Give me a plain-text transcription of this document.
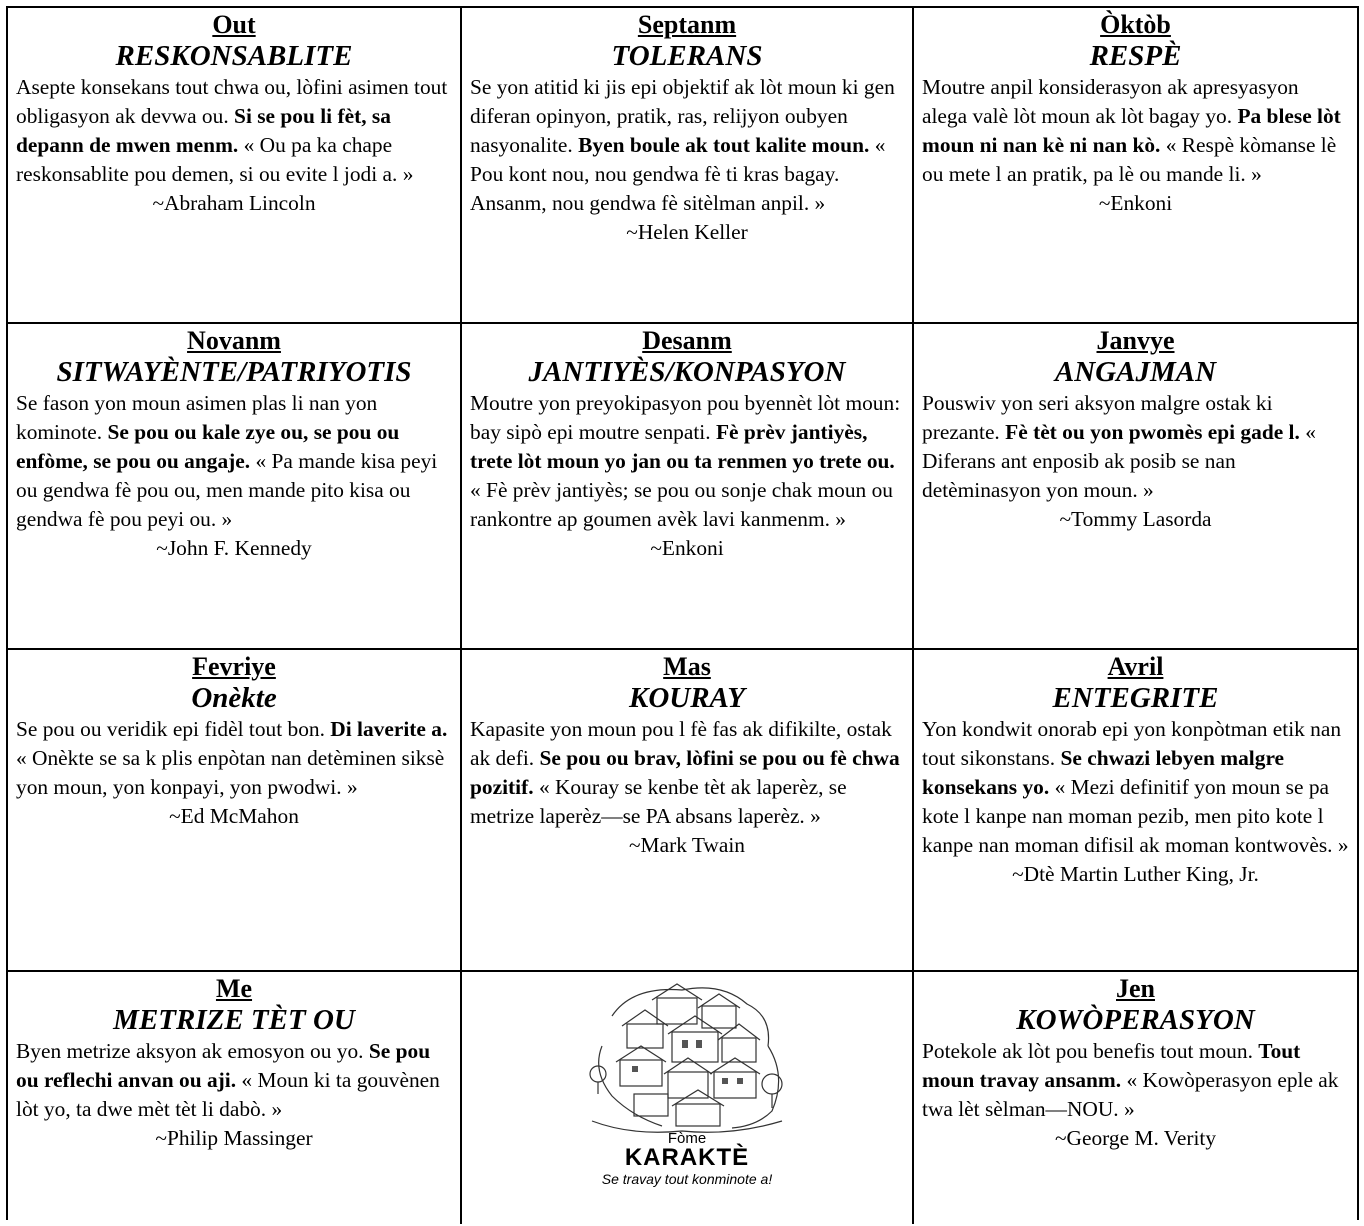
Out
RESKONSABLITE
Asepte konsekans tout chwa ou, lòfini asimen tout obligasyon ak devwa ou. Si se pou li fèt, sa depann de mwen menm. « Ou pa ka chape reskonsablite pou demen, si ou evite l jodi a. »
~Abraham Lincoln
Septanm
TOLERANS
Se yon atitid ki jis epi objektif ak lòt moun ki gen diferan opinyon, pratik, ras, relijyon oubyen nasyonalite. Byen boule ak tout kalite moun. « Pou kont nou, nou gendwa fè ti kras bagay. Ansanm, nou gendwa fè sitèlman anpil. »
~Helen Keller
Òktòb
RESPÈ
Moutre anpil konsiderasyon ak apresyasyon alega valè lòt moun ak lòt bagay yo. Pa blese lòt moun ni nan kè ni nan kò. « Respè kòmanse lè ou mete l an pratik, pa lè ou mande li. »
~Enkoni
Novanm
SITWAYÈNTE/PATRIYOTIS
Se fason yon moun asimen plas li nan yon kominote. Se pou ou kale zye ou, se pou ou enfòme, se pou ou angaje. « Pa mande kisa peyi ou gendwa fè pou ou, men mande pito kisa ou gendwa fè pou peyi ou. »
~John F. Kennedy
Desanm
JANTIYÈS/KONPASYON
Moutre yon preyokipasyon pou byennèt lòt moun: bay sipò epi moutre senpati. Fè prèv jantiyès, trete lòt moun yo jan ou ta renmen yo trete ou. « Fè prèv jantiyès; se pou ou sonje chak moun ou rankontre ap goumen avèk lavi kanmenm. »
~Enkoni
Janvye
ANGAJMAN
Pouswiv yon seri aksyon malgre ostak ki prezante. Fè tèt ou yon pwomès epi gade l. « Diferans ant enposib ak posib se nan detèminasyon yon moun. »
~Tommy Lasorda
Fevriye
Onèkte
Se pou ou veridik epi fidèl tout bon. Di laverite a. « Onèkte se sa k plis enpòtan nan detèminen siksè yon moun, yon konpayi, yon pwodwi. »
~Ed McMahon
Mas
KOURAY
Kapasite yon moun pou l fè fas ak difikilte, ostak ak defi. Se pou ou brav, lòfini se pou ou fè chwa pozitif. « Kouray se kenbe tèt ak laperèz, se metrize laperèz—se PA absans laperèz. »
~Mark Twain
Avril
ENTEGRITE
Yon kondwit onorab epi yon konpòtman etik nan tout sikonstans. Se chwazi lebyen malgre konsekans yo. « Mezi definitif yon moun se pa kote l kanpe nan moman pezib, men pito kote l kanpe nan moman difisil ak moman kontwovès. »
~Dtè Martin Luther King, Jr.
Me
METRIZE TÈT OU
Byen metrize aksyon ak emosyon ou yo. Se pou ou reflechi anvan ou aji. « Moun ki ta gouvènen lòt yo, ta dwe mèt tèt li dabò. »
~Philip Massinger	Fòme
KARAKTÈ
Se travay tout konminote a!
Jen
KOWÒPERASYON
Potekole ak lòt pou benefis tout moun. Tout moun travay ansanm. « Kowòperasyon eple ak twa lèt sèlman—NOU. »
~George M. Verity
